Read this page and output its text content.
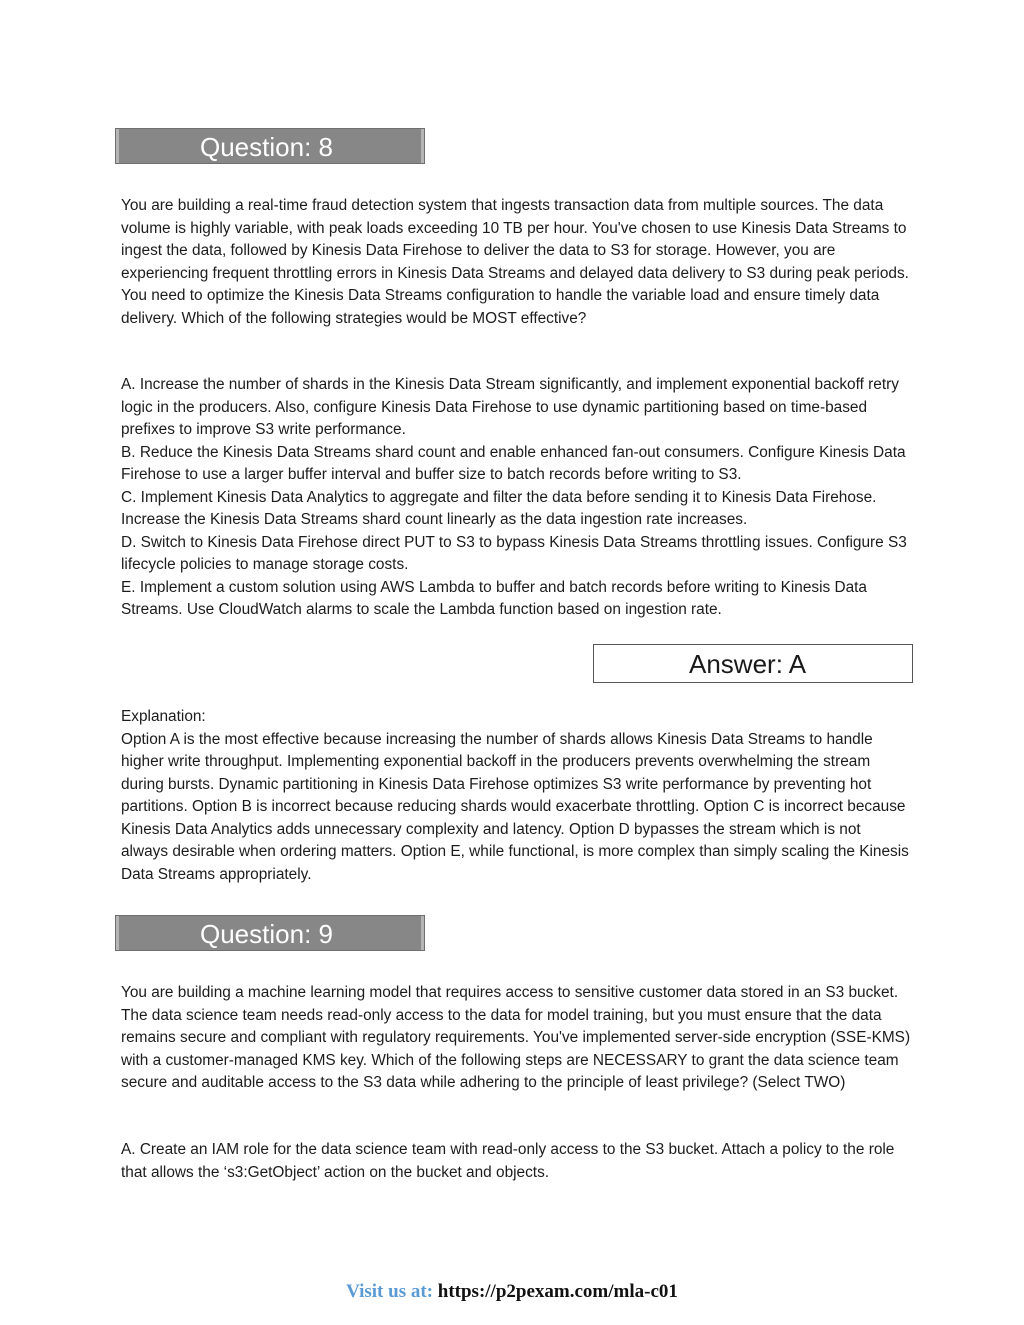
Question: 8

You are building a real-time fraud detection system that ingests transaction data from multiple sources. The data volume is highly variable, with peak loads exceeding 10 TB per hour. You've chosen to use Kinesis Data Streams to ingest the data, followed by Kinesis Data Firehose to deliver the data to S3 for storage. However, you are experiencing frequent throttling errors in Kinesis Data Streams and delayed data delivery to S3 during peak periods. You need to optimize the Kinesis Data Streams configuration to handle the variable load and ensure timely data delivery. Which of the following strategies would be MOST effective?

A. Increase the number of shards in the Kinesis Data Stream significantly, and implement exponential backoff retry logic in the producers. Also, configure Kinesis Data Firehose to use dynamic partitioning based on time-based prefixes to improve S3 write performance.

B. Reduce the Kinesis Data Streams shard count and enable enhanced fan-out consumers. Configure Kinesis Data Firehose to use a larger buffer interval and buffer size to batch records before writing to S3.

C. Implement Kinesis Data Analytics to aggregate and filter the data before sending it to Kinesis Data Firehose. Increase the Kinesis Data Streams shard count linearly as the data ingestion rate increases.

D. Switch to Kinesis Data Firehose direct PUT to S3 to bypass Kinesis Data Streams throttling issues. Configure S3 lifecycle policies to manage storage costs.

E. Implement a custom solution using AWS Lambda to buffer and batch records before writing to Kinesis Data Streams. Use CloudWatch alarms to scale the Lambda function based on ingestion rate.

Answer: A

Explanation:

Option A is the most effective because increasing the number of shards allows Kinesis Data Streams to handle higher write throughput. Implementing exponential backoff in the producers prevents overwhelming the stream during bursts. Dynamic partitioning in Kinesis Data Firehose optimizes S3 write performance by preventing hot partitions. Option B is incorrect because reducing shards would exacerbate throttling. Option C is incorrect because Kinesis Data Analytics adds unnecessary complexity and latency. Option D bypasses the stream which is not always desirable when ordering matters. Option E, while functional, is more complex than simply scaling the Kinesis Data Streams appropriately.

Question: 9

You are building a machine learning model that requires access to sensitive customer data stored in an S3 bucket. The data science team needs read-only access to the data for model training, but you must ensure that the data remains secure and compliant with regulatory requirements. You've implemented server-side encryption (SSE-KMS) with a customer-managed KMS key. Which of the following steps are NECESSARY to grant the data science team secure and auditable access to the S3 data while adhering to the principle of least privilege? (Select TWO)

A. Create an IAM role for the data science team with read-only access to the S3 bucket. Attach a policy to the role that allows the ‘s3:GetObject’ action on the bucket and objects.

Visit us at: https://p2pexam.com/mla-c01
